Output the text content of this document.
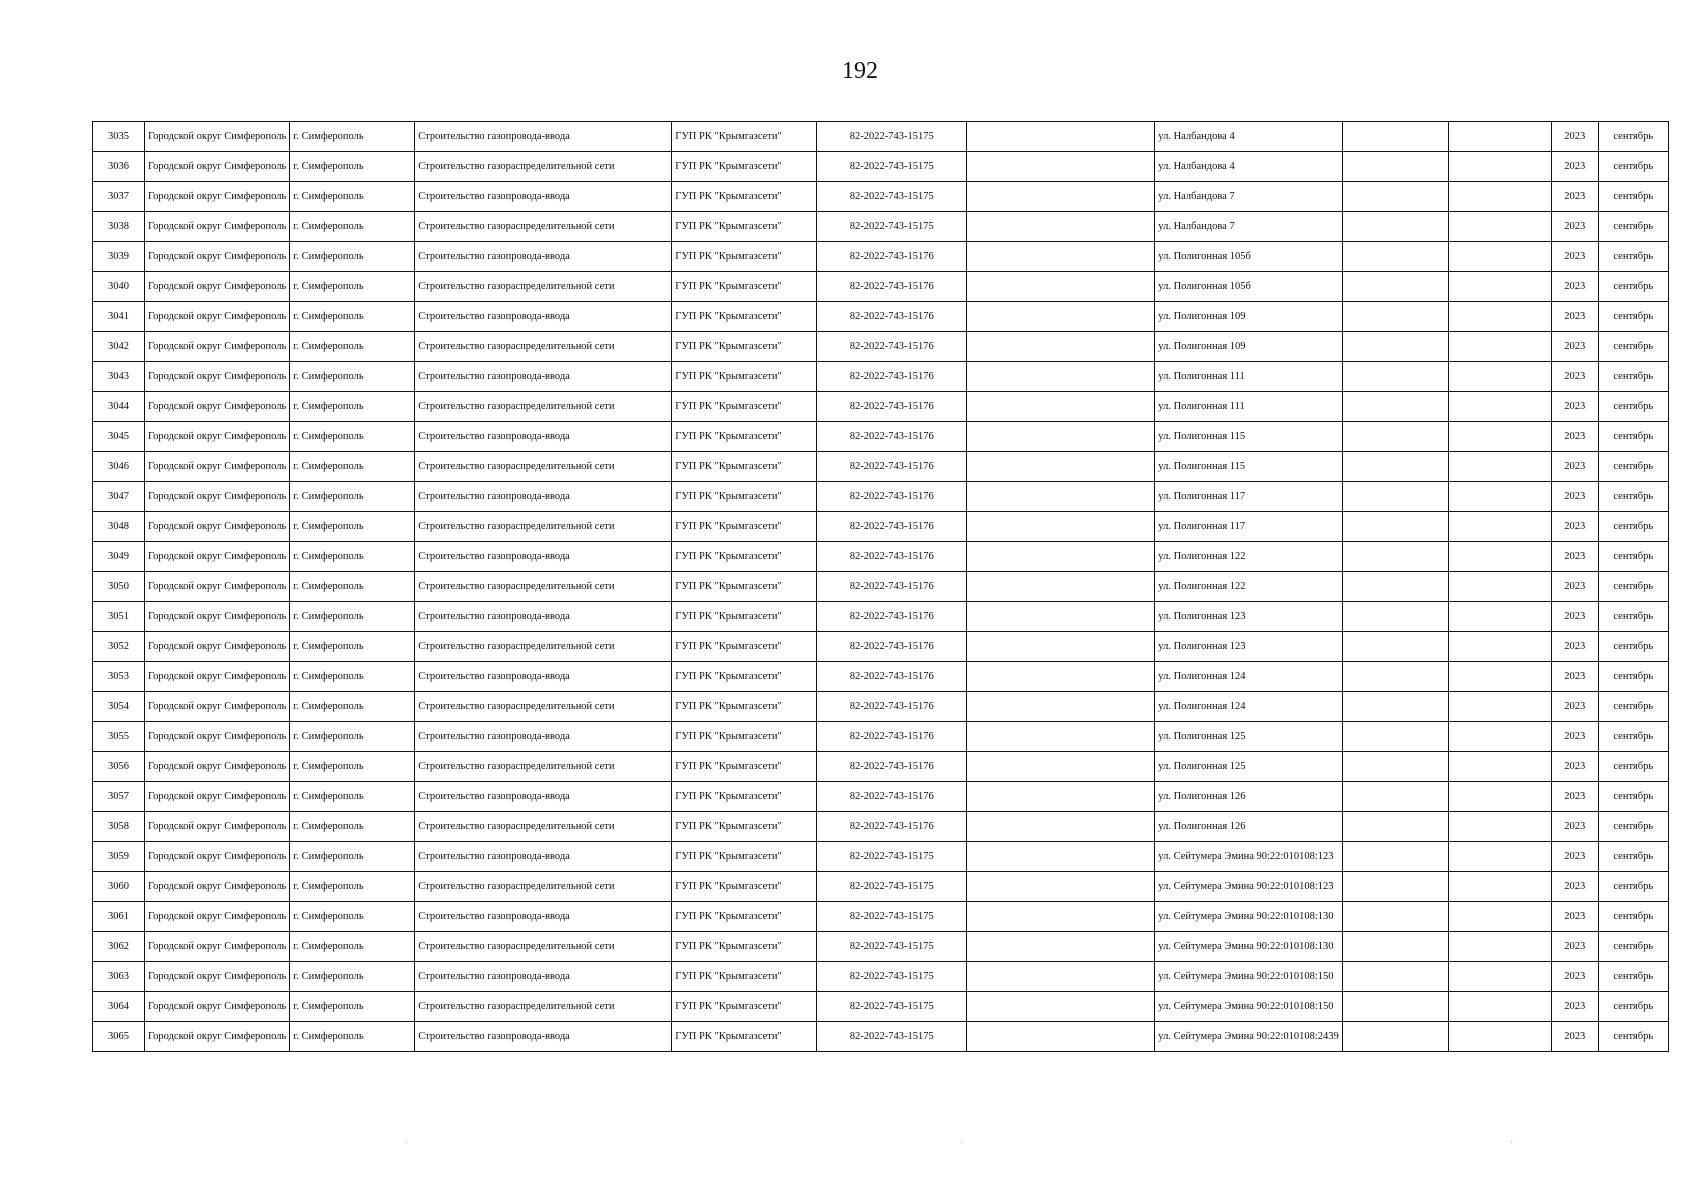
192
3035	Городской округ Симферополь	г. Симферополь	Строительство газопровода-ввода	ГУП РК "Крымгазсети"	82-2022-743-15175		ул. Налбандова 4			2023	сентябрь
3036	Городской округ Симферополь	г. Симферополь	Строительство газораспределительной сети	ГУП РК "Крымгазсети"	82-2022-743-15175		ул. Налбандова 4			2023	сентябрь
3037	Городской округ Симферополь	г. Симферополь	Строительство газопровода-ввода	ГУП РК "Крымгазсети"	82-2022-743-15175		ул. Налбандова 7			2023	сентябрь
3038	Городской округ Симферополь	г. Симферополь	Строительство газораспределительной сети	ГУП РК "Крымгазсети"	82-2022-743-15175		ул. Налбандова 7			2023	сентябрь
3039	Городской округ Симферополь	г. Симферополь	Строительство газопровода-ввода	ГУП РК "Крымгазсети"	82-2022-743-15176		ул. Полигонная 105б			2023	сентябрь
3040	Городской округ Симферополь	г. Симферополь	Строительство газораспределительной сети	ГУП РК "Крымгазсети"	82-2022-743-15176		ул. Полигонная 105б			2023	сентябрь
3041	Городской округ Симферополь	г. Симферополь	Строительство газопровода-ввода	ГУП РК "Крымгазсети"	82-2022-743-15176		ул. Полигонная 109			2023	сентябрь
3042	Городской округ Симферополь	г. Симферополь	Строительство газораспределительной сети	ГУП РК "Крымгазсети"	82-2022-743-15176		ул. Полигонная 109			2023	сентябрь
3043	Городской округ Симферополь	г. Симферополь	Строительство газопровода-ввода	ГУП РК "Крымгазсети"	82-2022-743-15176		ул. Полигонная 111			2023	сентябрь
3044	Городской округ Симферополь	г. Симферополь	Строительство газораспределительной сети	ГУП РК "Крымгазсети"	82-2022-743-15176		ул. Полигонная 111			2023	сентябрь
3045	Городской округ Симферополь	г. Симферополь	Строительство газопровода-ввода	ГУП РК "Крымгазсети"	82-2022-743-15176		ул. Полигонная 115			2023	сентябрь
3046	Городской округ Симферополь	г. Симферополь	Строительство газораспределительной сети	ГУП РК "Крымгазсети"	82-2022-743-15176		ул. Полигонная 115			2023	сентябрь
3047	Городской округ Симферополь	г. Симферополь	Строительство газопровода-ввода	ГУП РК "Крымгазсети"	82-2022-743-15176		ул. Полигонная 117			2023	сентябрь
3048	Городской округ Симферополь	г. Симферополь	Строительство газораспределительной сети	ГУП РК "Крымгазсети"	82-2022-743-15176		ул. Полигонная 117			2023	сентябрь
3049	Городской округ Симферополь	г. Симферополь	Строительство газопровода-ввода	ГУП РК "Крымгазсети"	82-2022-743-15176		ул. Полигонная 122			2023	сентябрь
3050	Городской округ Симферополь	г. Симферополь	Строительство газораспределительной сети	ГУП РК "Крымгазсети"	82-2022-743-15176		ул. Полигонная 122			2023	сентябрь
3051	Городской округ Симферополь	г. Симферополь	Строительство газопровода-ввода	ГУП РК "Крымгазсети"	82-2022-743-15176		ул. Полигонная 123			2023	сентябрь
3052	Городской округ Симферополь	г. Симферополь	Строительство газораспределительной сети	ГУП РК "Крымгазсети"	82-2022-743-15176		ул. Полигонная 123			2023	сентябрь
3053	Городской округ Симферополь	г. Симферополь	Строительство газопровода-ввода	ГУП РК "Крымгазсети"	82-2022-743-15176		ул. Полигонная 124			2023	сентябрь
3054	Городской округ Симферополь	г. Симферополь	Строительство газораспределительной сети	ГУП РК "Крымгазсети"	82-2022-743-15176		ул. Полигонная 124			2023	сентябрь
3055	Городской округ Симферополь	г. Симферополь	Строительство газопровода-ввода	ГУП РК "Крымгазсети"	82-2022-743-15176		ул. Полигонная 125			2023	сентябрь
3056	Городской округ Симферополь	г. Симферополь	Строительство газораспределительной сети	ГУП РК "Крымгазсети"	82-2022-743-15176		ул. Полигонная 125			2023	сентябрь
3057	Городской округ Симферополь	г. Симферополь	Строительство газопровода-ввода	ГУП РК "Крымгазсети"	82-2022-743-15176		ул. Полигонная 126			2023	сентябрь
3058	Городской округ Симферополь	г. Симферополь	Строительство газораспределительной сети	ГУП РК "Крымгазсети"	82-2022-743-15176		ул. Полигонная 126			2023	сентябрь
3059	Городской округ Симферополь	г. Симферополь	Строительство газопровода-ввода	ГУП РК "Крымгазсети"	82-2022-743-15175		ул. Сейтумера Эмина 90:22:010108:123			2023	сентябрь
3060	Городской округ Симферополь	г. Симферополь	Строительство газораспределительной сети	ГУП РК "Крымгазсети"	82-2022-743-15175		ул. Сейтумера Эмина 90:22:010108:123			2023	сентябрь
3061	Городской округ Симферополь	г. Симферополь	Строительство газопровода-ввода	ГУП РК "Крымгазсети"	82-2022-743-15175		ул. Сейтумера Эмина 90:22:010108:130			2023	сентябрь
3062	Городской округ Симферополь	г. Симферополь	Строительство газораспределительной сети	ГУП РК "Крымгазсети"	82-2022-743-15175		ул. Сейтумера Эмина 90:22:010108:130			2023	сентябрь
3063	Городской округ Симферополь	г. Симферополь	Строительство газопровода-ввода	ГУП РК "Крымгазсети"	82-2022-743-15175		ул. Сейтумера Эмина 90:22:010108:150			2023	сентябрь
3064	Городской округ Симферополь	г. Симферополь	Строительство газораспределительной сети	ГУП РК "Крымгазсети"	82-2022-743-15175		ул. Сейтумера Эмина 90:22:010108:150			2023	сентябрь
3065	Городской округ Симферополь	г. Симферополь	Строительство газопровода-ввода	ГУП РК "Крымгазсети"	82-2022-743-15175		ул. Сейтумера Эмина 90:22:010108:2439			2023	сентябрь
·	·	·
